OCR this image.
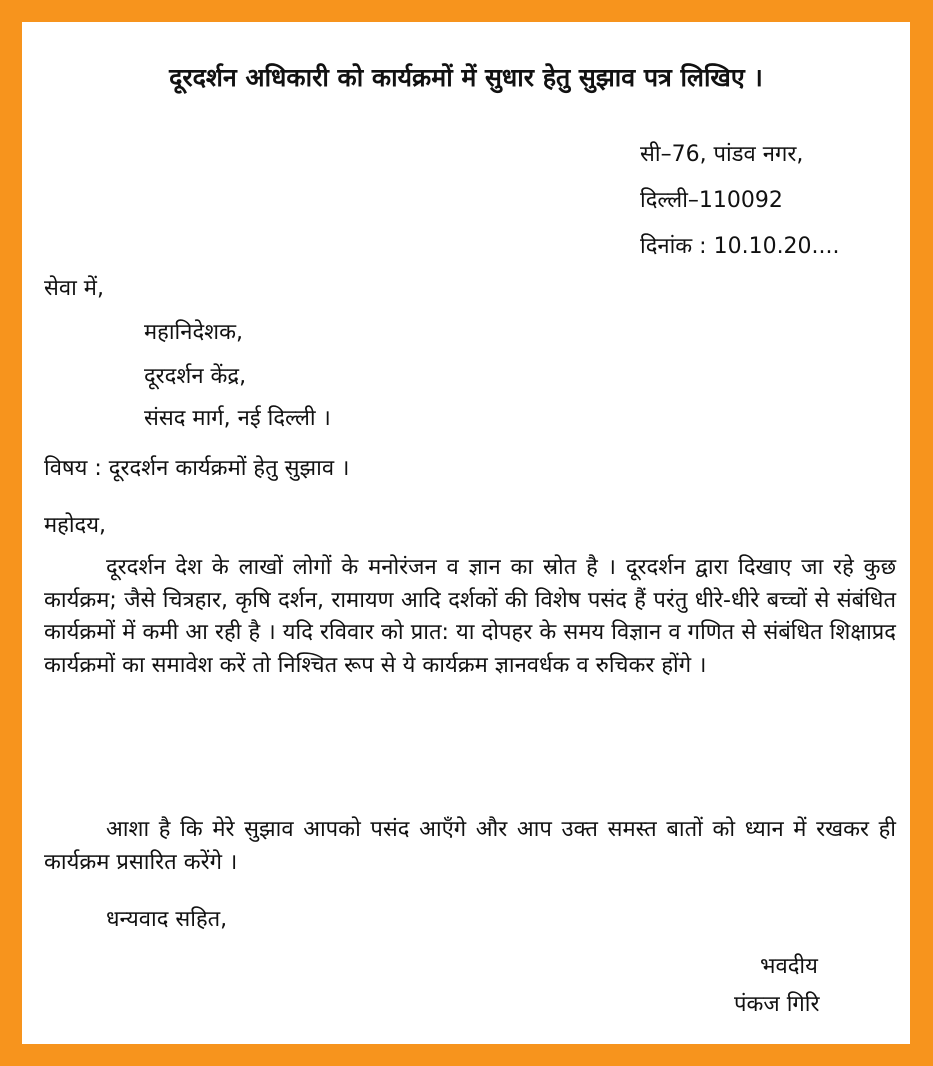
दूरदर्शन अधिकारी को कार्यक्रमों में सुधार हेतु सुझाव पत्र लिखिए ।
सी–76, पांडव नगर,
दिल्ली–110092
दिनांक : 10.10.20....
सेवा में,
महानिदेशक,
दूरदर्शन केंद्र,
संसद मार्ग, नई दिल्ली ।
विषय : दूरदर्शन कार्यक्रमों हेतु सुझाव ।
महोदय,
दूरदर्शन देश के लाखों लोगों के मनोरंजन व ज्ञान का स्रोत है । दूरदर्शन द्वारा दिखाए जा रहे कुछ कार्यक्रम; जैसे चित्रहार, कृषि दर्शन, रामायण आदि दर्शकों की विशेष पसंद हैं परंतु धीरे-धीरे बच्चों से संबंधित कार्यक्रमों में कमी आ रही है । यदि रविवार को प्रात: या दोपहर के समय विज्ञान व गणित से संबंधित शिक्षाप्रद कार्यक्रमों का समावेश करें तो निश्चित रूप से ये कार्यक्रम ज्ञानवर्धक व रुचिकर होंगे ।
आशा है कि मेरे सुझाव आपको पसंद आएँगे और आप उक्त समस्त बातों को ध्यान में रखकर ही कार्यक्रम प्रसारित करेंगे ।
धन्यवाद सहित,
भवदीय
पंकज गिरि
